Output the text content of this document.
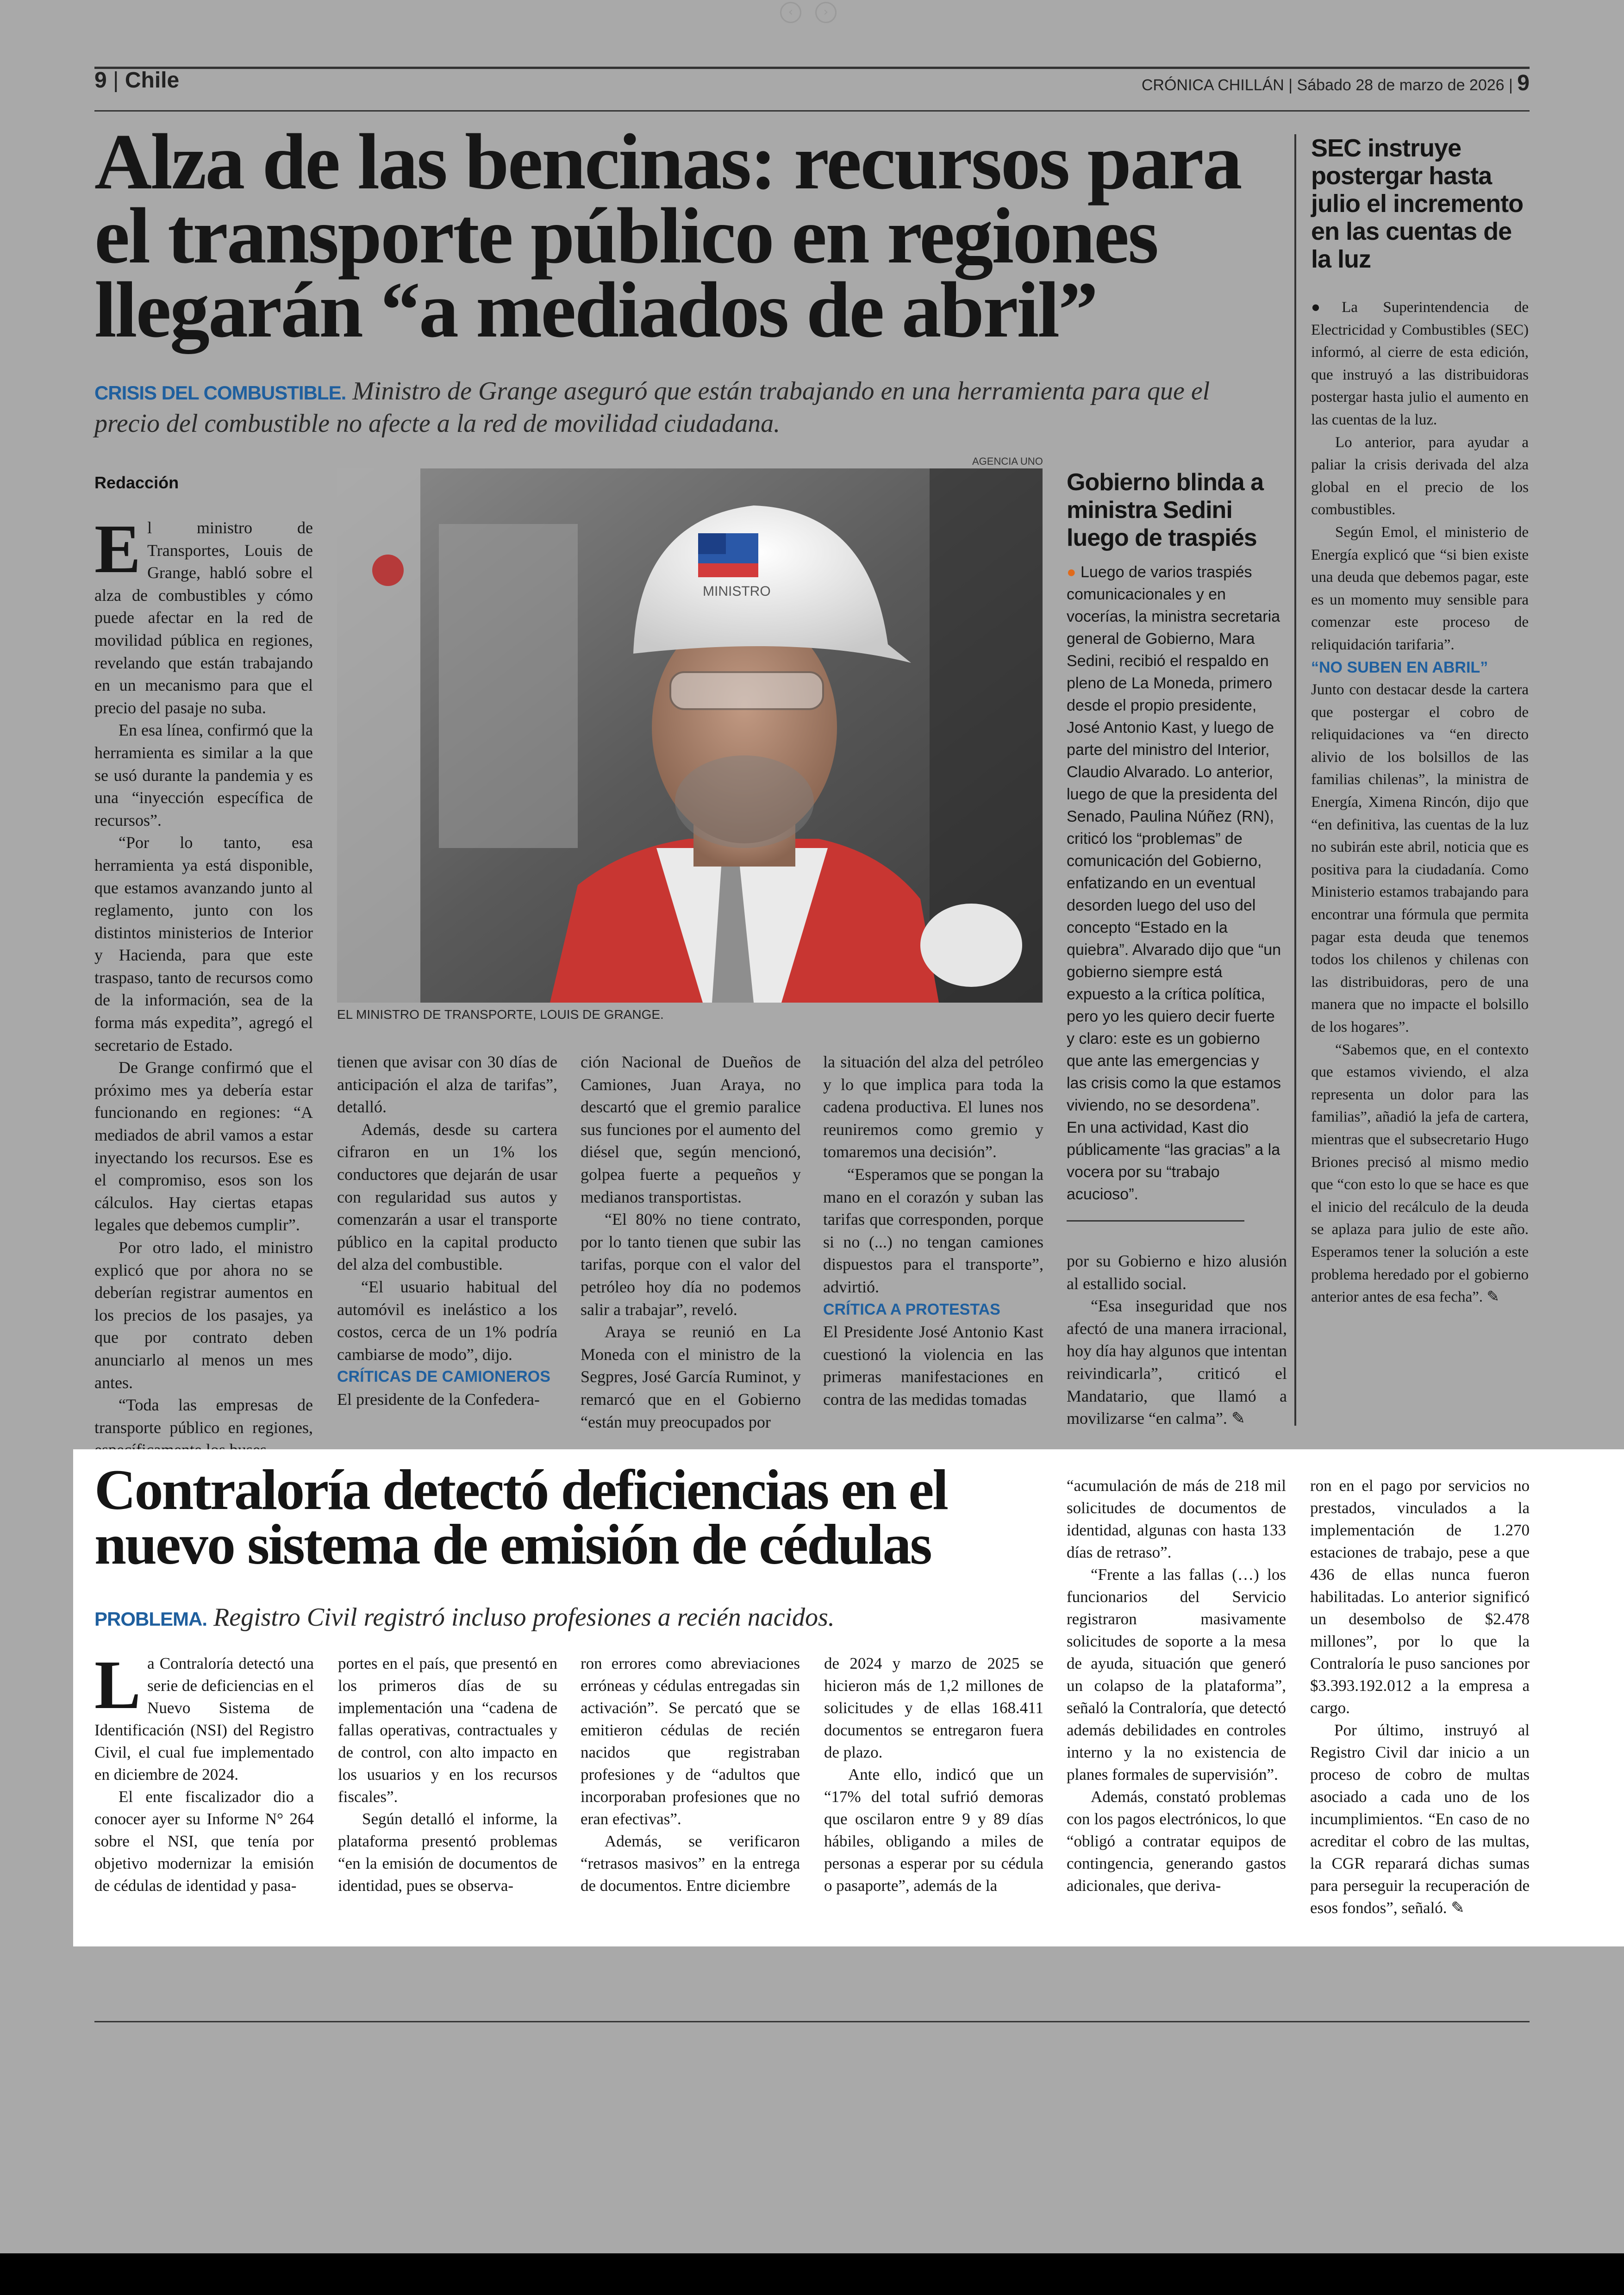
‹	›
9 | Chile	CRÓNICA CHILLÁN | Sábado 28 de marzo de 2026 | 9
Alza de las bencinas: recursos para el transporte público en regiones llegarán “a mediados de abril”
CRISIS DEL COMBUSTIBLE. Ministro de Grange aseguró que están trabajando en una herramienta para que el precio del combustible no afecte a la red de movilidad ciudadana.
Redacción

El ministro de Transportes, Louis de Grange, habló sobre el alza de combustibles y cómo puede afectar en la red de movilidad pública en regiones, revelando que están trabajando en un mecanismo para que el precio del pasaje no suba.

En esa línea, confirmó que la herramienta es similar a la que se usó durante la pandemia y es una “inyección específica de recursos”.

“Por lo tanto, esa herramienta ya está disponible, que estamos avanzando junto al reglamento, junto con los distintos ministerios de Interior y Hacienda, para que este traspaso, tanto de recursos como de la información, sea de la forma más expedita”, agregó el secretario de Estado.

De Grange confirmó que el próximo mes ya debería estar funcionando en regiones: “A mediados de abril vamos a estar inyectando los recursos. Ese es el compromiso, esos son los cálculos. Hay ciertas etapas legales que debemos cumplir”.

Por otro lado, el ministro explicó que por ahora no se deberían registrar aumentos en los precios de los pasajes, ya que por contrato deben anunciarlo al menos un mes antes.

“Toda las empresas de transporte público en regiones,

AGENCIA UNO
MINISTRO
EL MINISTRO DE TRANSPORTE, LOUIS DE GRANGE.

tienen que avisar con 30 días de anticipación el alza de tarifas”, detalló.

Además, desde su cartera cifraron en un 1% los conductores que dejarán de usar con regularidad sus autos y comenzarán a usar el transporte público en la capital producto del alza del combustible.

“El usuario habitual del automóvil es inelástico a los costos, cerca de un 1% podría cambiarse de modo”, dijo.

CRÍTICAS DE CAMIONEROS

El presidente de la Confedera-

ción Nacional de Dueños de Camiones, Juan Araya, no descartó que el gremio paralice sus funciones por el aumento del diésel que, según mencionó, golpea fuerte a pequeños y medianos transportistas.

“El 80% no tiene contrato, por lo tanto tienen que subir las tarifas, porque con el valor del petróleo hoy día no podemos salir a trabajar”, reveló.

Araya se reunió en La Moneda con el ministro de la Segpres, José García Ruminot, y remarcó que en el Gobierno “están muy preocupados por

la situación del alza del petróleo y lo que implica para toda la cadena productiva. El lunes nos reuniremos como gremio y tomaremos una decisión”.

“Esperamos que se pongan la mano en el corazón y suban las tarifas que corresponden, porque si no (...) no tengan camiones dispuestos para el transporte”, advirtió.

CRÍTICA A PROTESTAS

El Presidente José Antonio Kast cuestionó la violencia en las primeras manifestaciones en contra de las medidas tomadas

Gobierno blinda a ministra Sedini luego de traspiés

● Luego de varios traspiés comunicacionales y en vocerías, la ministra secretaria general de Gobierno, Mara Sedini, recibió el respaldo en pleno de La Moneda, primero desde el propio presidente, José Antonio Kast, y luego de parte del ministro del Interior, Claudio Alvarado. Lo anterior, luego de que la presidenta del Senado, Paulina Núñez (RN), criticó los “problemas” de comunicación del Gobierno, enfatizando en un eventual desorden luego del uso del concepto “Estado en la quiebra”. Alvarado dijo que “un gobierno siempre está expuesto a la crítica política, pero yo les quiero decir fuerte y claro: este es un gobierno que ante las emergencias y las crisis como la que estamos viviendo, no se desordena”. En una actividad, Kast dio públicamente “las gracias” a la vocera por su “trabajo acucioso”.

por su Gobierno e hizo alusión al estallido social.

“Esa inseguridad que nos afectó de una manera irracional, hoy día hay algunos que intentan reivindicarla”, criticó el Mandatario, que llamó a movilizarse “en calma”. ✎

SEC instruye postergar hasta julio el incremento en las cuentas de la luz

●La Superintendencia de Electricidad y Combustibles (SEC) informó, al cierre de esta edición, que instruyó a las distribuidoras postergar hasta julio el aumento en las cuentas de la luz.

Lo anterior, para ayudar a paliar la crisis derivada del alza global en el precio de los combustibles.

Según Emol, el ministerio de Energía explicó que “si bien existe una deuda que debemos pagar, este es un momento muy sensible para comenzar este proceso de reliquidación tarifaria”.

“NO SUBEN EN ABRIL”

Junto con destacar desde la cartera que postergar el cobro de reliquidaciones va “en directo alivio de los bolsillos de las familias chilenas”, la ministra de Energía, Ximena Rincón, dijo que “en definitiva, las cuentas de la luz no subirán este abril, noticia que es positiva para la ciudadanía. Como Ministerio estamos trabajando para encontrar una fórmula que permita pagar esta deuda que tenemos todos los chilenos y chilenas con las distribuidoras, pero de una manera que no impacte el bolsillo de los hogares”.

“Sabemos que, en el contexto que estamos viviendo, el alza representa un dolor para las familias”, añadió la jefa de cartera, mientras que el subsecretario Hugo Briones precisó al mismo medio que “con esto lo que se hace es que el inicio del recálculo de la deuda se aplaza para julio de este año. Esperamos tener la solución a este problema heredado por el gobierno anterior antes de esa fecha”. ✎

Contraloría detectó deficiencias en el nuevo sistema de emisión de cédulas
PROBLEMA. Registro Civil registró incluso profesiones a recién nacidos.

La Contraloría detectó una serie de deficiencias en el Nuevo Sistema de Identificación (NSI) del Registro Civil, el cual fue implementado en diciembre de 2024.

El ente fiscalizador dio a conocer ayer su Informe N° 264 sobre el NSI, que tenía por objetivo modernizar la emisión de cédulas de identidad y pasa-

portes en el país, que presentó en los primeros días de su implementación una “cadena de fallas operativas, contractuales y de control, con alto impacto en los usuarios y en los recursos fiscales”.

Según detalló el informe, la plataforma presentó problemas “en la emisión de documentos de identidad, pues se observa-

ron errores como abreviaciones erróneas y cédulas entregadas sin activación”. Se percató que se emitieron cédulas de recién nacidos que registraban profesiones y de “adultos que incorporaban profesiones que no eran efectivas”.

Además, se verificaron “retrasos masivos” en la entrega de documentos. Entre diciembre

de 2024 y marzo de 2025 se hicieron más de 1,2 millones de solicitudes y de ellas 168.411 documentos se entregaron fuera de plazo.

Ante ello, indicó que un “17% del total sufrió demoras que oscilaron entre 9 y 89 días hábiles, obligando a miles de personas a esperar por su cédula o pasaporte”, además de la

“acumulación de más de 218 mil solicitudes de documentos de identidad, algunas con hasta 133 días de retraso”.

“Frente a las fallas (…) los funcionarios del Servicio registraron masivamente solicitudes de soporte a la mesa de ayuda, situación que generó un colapso de la plataforma”, señaló la Contraloría, que detectó además debilidades en controles interno y la no existencia de planes formales de supervisión”.

Además, constató problemas con los pagos electrónicos, lo que “obligó a contratar equipos de contingencia, generando gastos adicionales, que deriva-

ron en el pago por servicios no prestados, vinculados a la implementación de 1.270 estaciones de trabajo, pese a que 436 de ellas nunca fueron habilitadas. Lo anterior significó un desembolso de $2.478 millones”, por lo que la Contraloría le puso sanciones por $3.393.192.012 a la empresa a cargo.

Por último, instruyó al Registro Civil dar inicio a un proceso de cobro de multas asociado a cada uno de los incumplimientos. “En caso de no acreditar el cobro de las multas, la CGR reparará dichas sumas para perseguir la recuperación de esos fondos”, señaló. ✎
